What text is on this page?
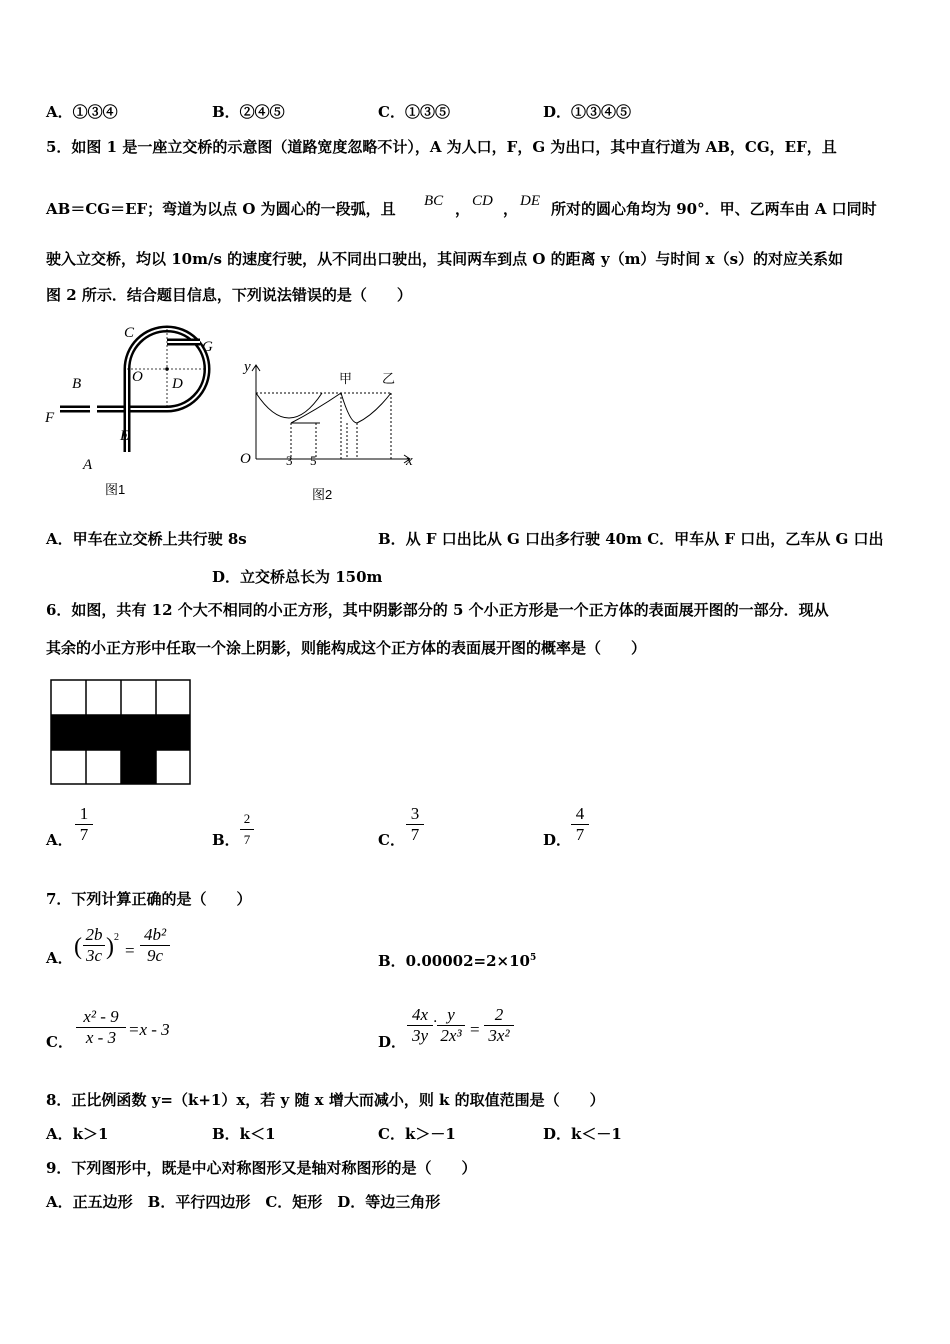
A．①③④	B．②④⑤	C．①③⑤	D．①③④⑤
5．如图 1 是一座立交桥的示意图（道路宽度忽略不计），A 为人口，F，G 为出口，其中直行道为 AB，CG，EF，且
AB＝CG＝EF；弯道为以点 O 为圆心的一段弧，且 BC ， CD ， DE 所对的圆心角均为 90°．甲、乙两车由 A 口同时
驶入立交桥，均以 10m/s 的速度行驶，从不同出口驶出，其间两车到点 O 的距离 y（m）与时间 x（s）的对应关系如
图 2 所示．结合题目信息，下列说法错误的是（　　）
C
G
B	O D
F
E
A
图1
y
x
O	3 5
甲 乙
图2
A．甲车在立交桥上共行驶 8s	B．从 F 口出比从 G 口出多行驶 40m C．甲车从 F 口出，乙车从 G 口出
D．立交桥总长为 150m
6．如图，共有 12 个大不相同的小正方形，其中阴影部分的 5 个小正方形是一个正方体的表面展开图的一部分．现从
其余的小正方形中任取一个涂上阴影，则能构成这个正方体的表面展开图的概率是（　　）
A．
1
7	B．
2
7	C．
3
7	D．
4
7
7．下列计算正确的是（　　）
A． ( 2b
3c ) 2
=
4b²
9c	B．$0.00002=2\times 10^5$
C．
x² - 9
x - 3 =x - 3
D．
4x
3y
· y
2x³ =
2
3x²
8．正比例函数 y=（k+1）x，若 y 随 x 增大而减小，则 k 的取值范围是（　　）
A．k＞1	B．k＜1	C．k＞－1	D．k＜－1
9．下列图形中，既是中心对称图形又是轴对称图形的是（　　）
A．正五边形　B．平行四边形　C．矩形　D．等边三角形
